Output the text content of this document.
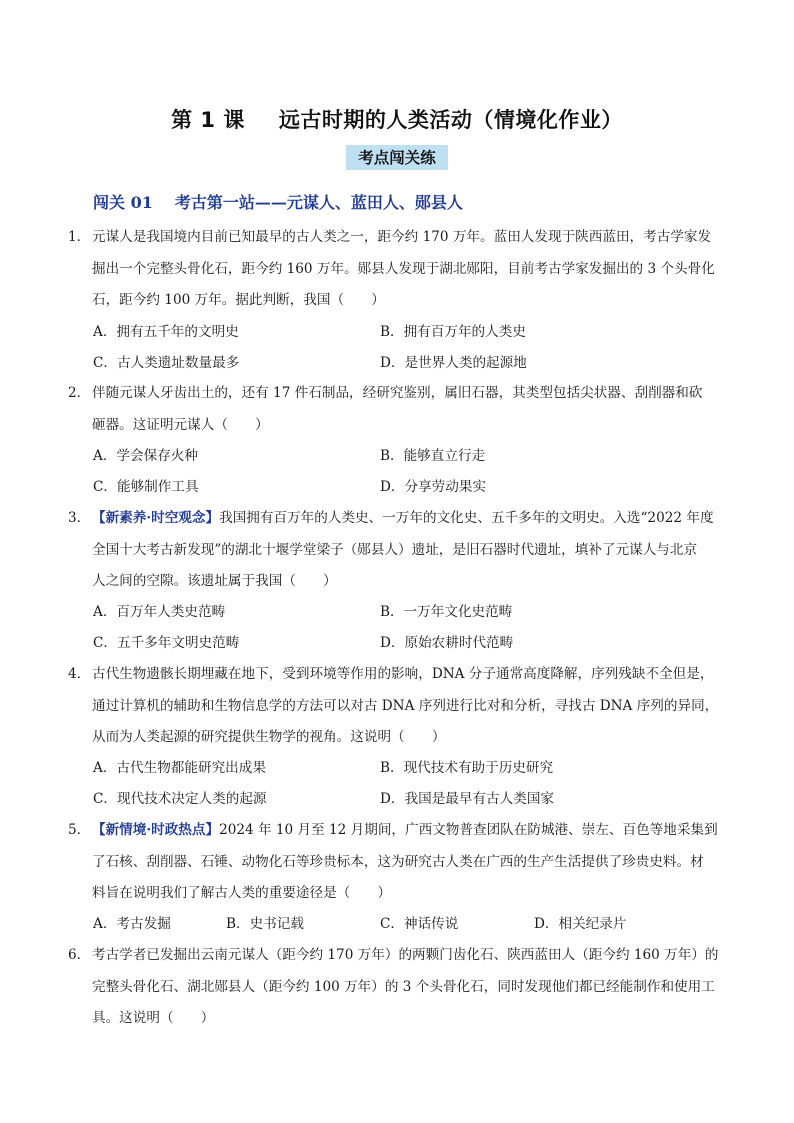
第 1 课 远古时期的人类活动（情境化作业）
考点闯关练
闯关 01 考古第一站——元谋人、蓝田人、郧县人
1． 元谋人是我国境内目前已知最早的古人类之一，距今约 170 万年。蓝田人发现于陕西蓝田，考古学家发
掘出一个完整头骨化石，距今约 160 万年。郧县人发现于湖北郧阳，目前考古学家发掘出的 3 个头骨化
石，距今约 100 万年。据此判断，我国（　　）
A．拥有五千年的文明史	B．拥有百万年的人类史
C．古人类遗址数量最多	D．是世界人类的起源地
2． 伴随元谋人牙齿出土的，还有 17 件石制品，经研究鉴别，属旧石器，其类型包括尖状器、刮削器和砍
砸器。这证明元谋人（　　）
A．学会保存火种	B．能够直立行走
C．能够制作工具	D．分享劳动果实
3． 【新素养·时空观念】我国拥有百万年的人类史、一万年的文化史、五千多年的文明史。入选“2022 年度
全国十大考古新发现”的湖北十堰学堂梁子（郧县人）遗址，是旧石器时代遗址，填补了元谋人与北京
人之间的空隙。该遗址属于我国（　　）
A．百万年人类史范畴	B．一万年文化史范畴
C．五千多年文明史范畴	D．原始农耕时代范畴
4． 古代生物遗骸长期埋藏在地下，受到环境等作用的影响，DNA 分子通常高度降解，序列残缺不全但是，
通过计算机的辅助和生物信息学的方法可以对古 DNA 序列进行比对和分析，寻找古 DNA 序列的异同，
从而为人类起源的研究提供生物学的视角。这说明（　　）
A．古代生物都能研究出成果	B．现代技术有助于历史研究
C．现代技术决定人类的起源	D．我国是最早有古人类国家
5． 【新情境·时政热点】2024 年 10 月至 12 月期间，广西文物普查团队在防城港、崇左、百色等地采集到
了石核、刮削器、石锤、动物化石等珍贵标本，这为研究古人类在广西的生产生活提供了珍贵史料。材
料旨在说明我们了解古人类的重要途径是（　　）
A．考古发掘	B．史书记载	C．神话传说	D．相关纪录片
6． 考古学者已发掘出云南元谋人（距今约 170 万年）的两颗门齿化石、陕西蓝田人（距今约 160 万年）的
完整头骨化石、湖北郧县人（距今约 100 万年）的 3 个头骨化石，同时发现他们都已经能制作和使用工
具。这说明（　　）
